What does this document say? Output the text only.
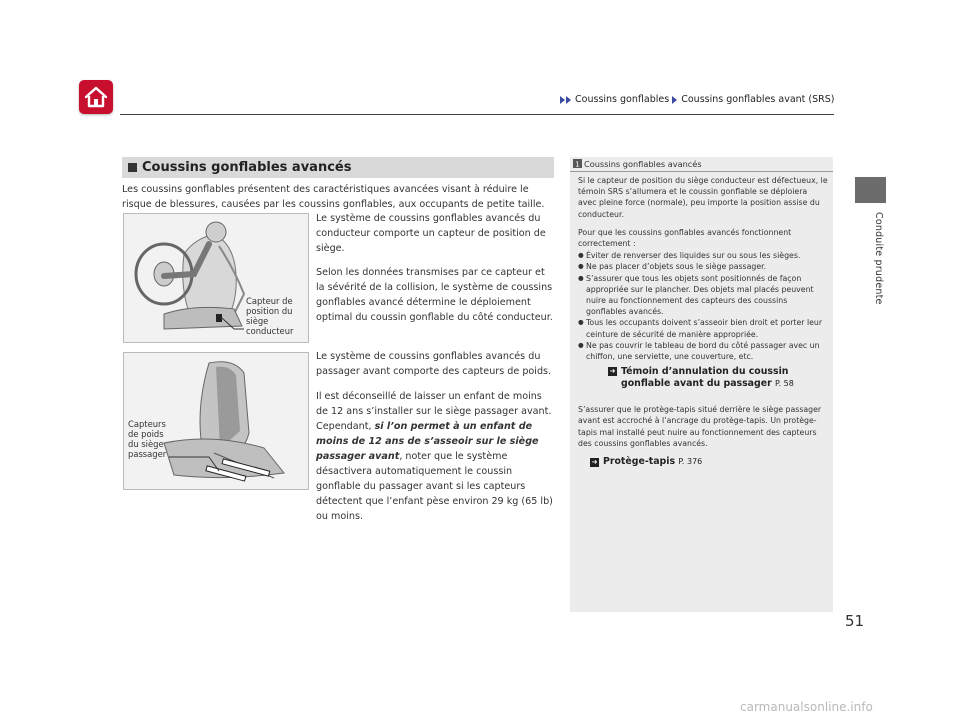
Coussins gonflables Coussins gonflables avant (SRS)
Conduite prudente
Coussins gonflables avancés
Les coussins gonflables présentent des caractéristiques avancées visant à réduire le risque de blessures, causées par les coussins gonflables, aux occupants de petite taille.
Capteur de
position du
siège
conducteur
Le système de coussins gonflables avancés du conducteur comporte un capteur de position de siège.
Selon les données transmises par ce capteur et la sévérité de la collision, le système de coussins gonflables avancé détermine le déploiement optimal du coussin gonflable du côté conducteur.
Capteurs
de poids
du siège
passager
Le système de coussins gonflables avancés du passager avant comporte des capteurs de poids.
Il est déconseillé de laisser un enfant de moins de 12 ans s’installer sur le siège passager avant. Cependant, si l’on permet à un enfant de moins de 12 ans de s’asseoir sur le siège passager avant, noter que le système désactivera automatiquement le coussin gonflable du passager avant si les capteurs détectent que l’enfant pèse environ 29 kg (65 lb) ou moins.
1 Coussins gonflables avancés

Si le capteur de position du siège conducteur est défectueux, le témoin SRS s’allumera et le coussin gonflable se déploiera avec pleine force (normale), peu importe la position assise du conducteur.

Pour que les coussins gonflables avancés fonctionnent correctement :

● Éviter de renverser des liquides sur ou sous les sièges.
● Ne pas placer d’objets sous le siège passager.
● S’assurer que tous les objets sont positionnés de façon appropriée sur le plancher. Des objets mal placés peuvent nuire au fonctionnement des capteurs des coussins gonflables avancés.
● Tous les occupants doivent s’asseoir bien droit et porter leur ceinture de sécurité de manière appropriée.
● Ne pas couvrir le tableau de bord du côté passager avec un chiffon, une serviette, une couverture, etc.
➜ Témoin d’annulation du coussin
gonflable avant du passager P. 58

S’assurer que le protège-tapis situé derrière le siège passager avant est accroché à l’ancrage du protège-tapis. Un protège-tapis mal installé peut nuire au fonctionnement des capteurs des coussins gonflables avancés.

➜ Protège-tapis P. 376
51
carmanualsonline.info
